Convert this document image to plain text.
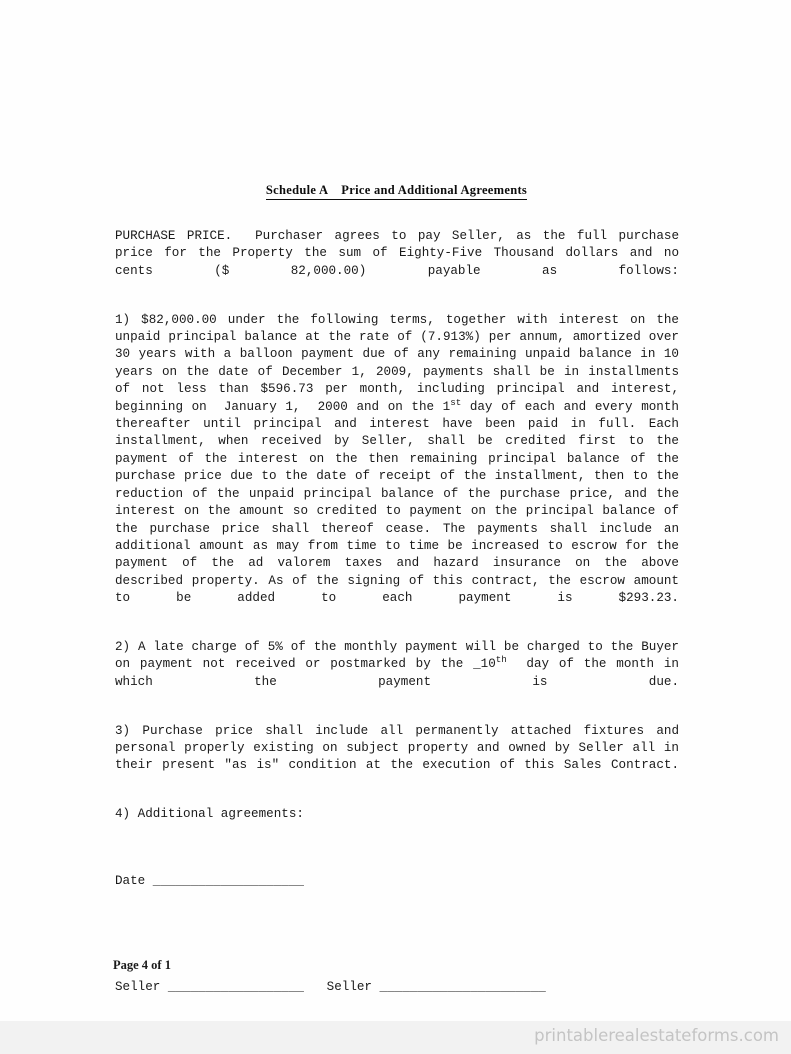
Schedule A    Price and Additional Agreements

PURCHASE PRICE.  Purchaser agrees to pay Seller, as the full purchase price for the Property the sum of Eighty-Five Thousand dollars and no cents ($ 82,000.00) payable as follows:

1) $82,000.00 under the following terms, together with interest on the unpaid principal balance at the rate of (7.913%) per annum, amortized over  30 years with a balloon payment due of any remaining unpaid balance in 10 years on the date of December 1, 2009, payments shall be in installments of not less than $596.73 per month, including principal and interest, beginning on  January 1,  2000 and on the 1st day of each and every month thereafter until principal and interest have been paid in full. Each installment, when received by Seller, shall be credited first to the payment of the interest on the then remaining principal balance of the purchase price due to the date of receipt of the installment, then to the reduction of the unpaid principal balance of the purchase price, and the interest on the amount so credited to payment on the principal balance of the purchase price shall thereof cease. The payments shall include an additional amount as may from time to time be increased to escrow for the payment of the ad valorem taxes and hazard insurance on the above described property. As of the signing of this contract, the escrow amount to be added to each payment is $293.23.

2) A late charge of 5% of the monthly payment will be charged to the Buyer on payment not received or postmarked by the _10th  day of the month in which the payment is due.

3) Purchase price shall include all permanently attached fixtures and personal properly existing on subject property and owned by Seller all in their present "as is" condition at the execution of this Sales Contract.

4) Additional agreements:

Date ____________________

Seller __________________ Seller ______________________

Page 4 of 1
printablerealestateforms.com
